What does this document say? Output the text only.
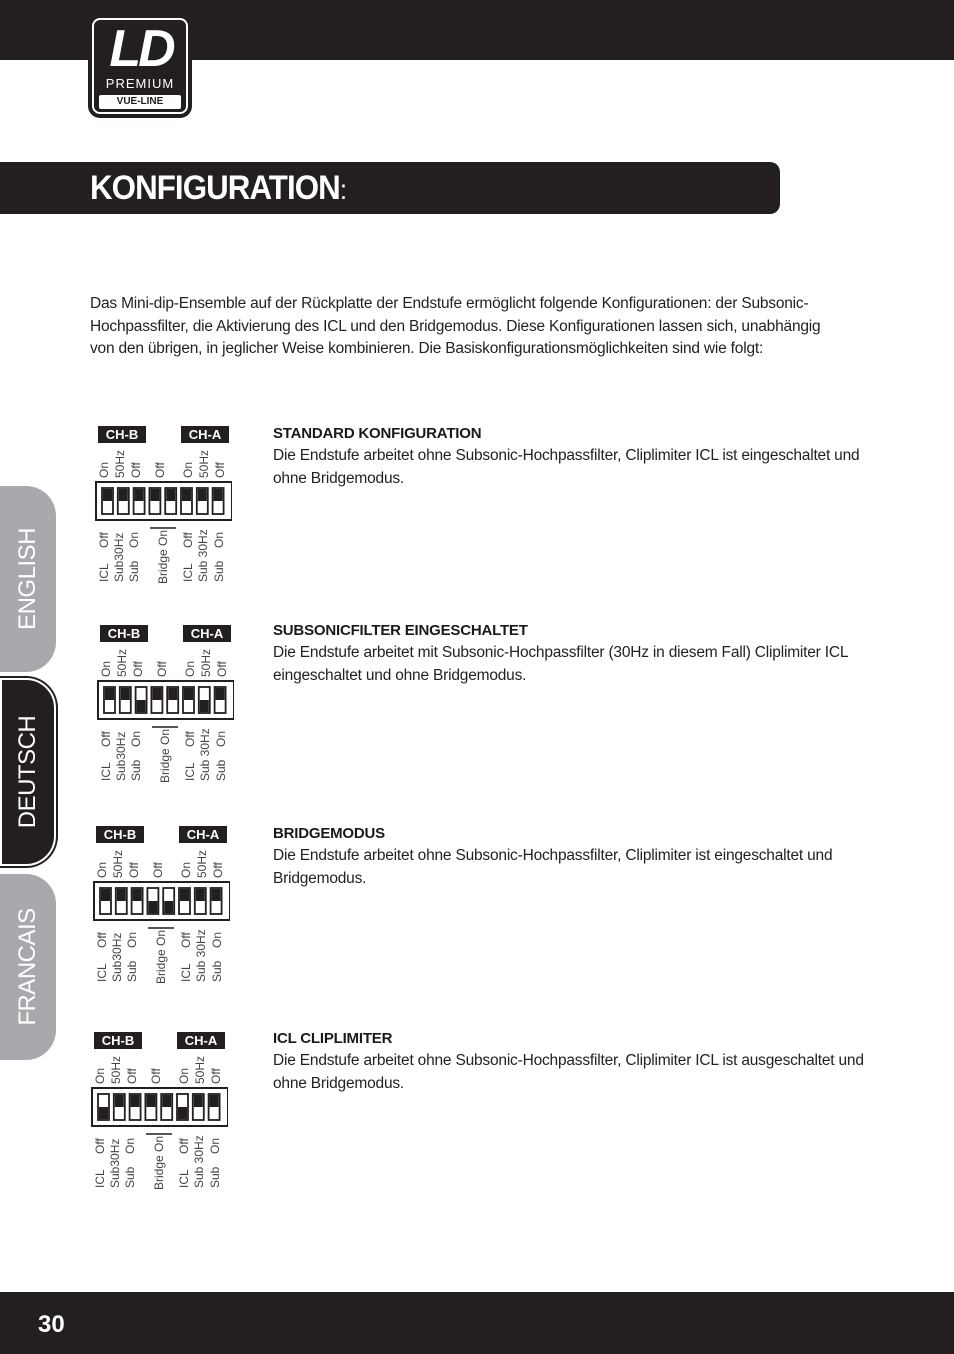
LD
PREMIUM
VUE-LINE
KONFIGURATION:
Das Mini-dip-Ensemble auf der Rückplatte der Endstufe ermöglicht folgende Konfigurationen: der Subsonic-Hochpassfilter, die Aktivierung des ICL und den Bridgemodus. Diese Konfigurationen lassen sich, unabhängig von den übrigen, in jeglicher Weise kombinieren. Die Basiskonfigurationsmöglichkeiten sind wie folgt:
ENGLISH
DEUTSCH
FRANCAIS
STANDARD KONFIGURATION

Die Endstufe arbeitet ohne Subsonic-Hochpassfilter, Cliplimiter ICL ist eingeschaltet und ohne Bridgemodus.

CH-B	CH-A
On 50Hz Off Off On 50Hz Off
ICL
Off Sub30Hz Sub
On Bridge On ICL
Off Sub 30Hz Sub
On
SUBSONICFILTER EINGESCHALTET

Die Endstufe arbeitet mit Subsonic-Hochpassfilter (30Hz in diesem Fall) Cliplimiter ICL eingeschaltet und ohne Bridgemodus.

CH-B	CH-A
On 50Hz Off Off On 50Hz Off
ICL
Off Sub30Hz Sub
On Bridge On ICL
Off Sub 30Hz Sub
On
BRIDGEMODUS

Die Endstufe arbeitet ohne Subsonic-Hochpassfilter, Cliplimiter ist eingeschaltet und Bridgemodus.

CH-B	CH-A
On 50Hz Off Off On 50Hz Off
ICL
Off Sub30Hz Sub
On Bridge On ICL
Off Sub 30Hz Sub
On
ICL CLIPLIMITER

Die Endstufe arbeitet ohne Subsonic-Hochpassfilter, Cliplimiter ICL ist ausgeschaltet und ohne Bridgemodus.

CH-B	CH-A
On 50Hz Off Off On 50Hz Off
ICL
Off Sub30Hz Sub
On Bridge On ICL
Off Sub 30Hz Sub
On
30
